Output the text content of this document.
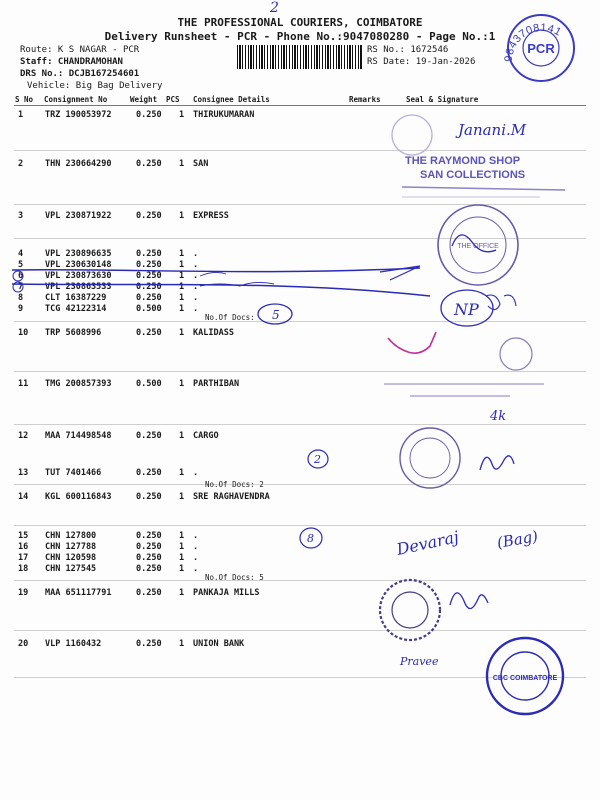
2
THE PROFESSIONAL COURIERS, COIMBATORE
Delivery Runsheet - PCR - Phone No.:9047080280 - Page No.:1
Route: K S NAGAR - PCR
Staff: CHANDRAMOHAN
DRS No.: DCJB167254601
Vehicle: Big Bag Delivery
RS No.: 1672546
RS Date: 19-Jan-2026
S No Consignment No	Weight PCS Consignee Details	Remarks	Seal & Signature
1	TRZ 190053972	0.250 1 THIRUKUMARAN
2	THN 230664290	0.250 1 SAN
3	VPL 230871922	0.250 1 EXPRESS
4	VPL 230896635	0.250 1 .
5	VPL 230630148	0.250 1 .
6	VPL 230873630	0.250 1 .
7	VPL 230863533	0.250 1 .
8	CLT 16387229	0.250 1 .
9	TCG 42122314	0.500 1 .
10 TRP 5608996	0.250 1 KALIDASS
11 TMG 200857393	0.500 1 PARTHIBAN
12 MAA 714498548	0.250 1 CARGO
13 TUT 7401466	0.250 1 .
14 KGL 600116843	0.250 1 SRE RAGHAVENDRA
15 CHN 127800	0.250 1 .
16 CHN 127788	0.250 1 .
17 CHN 120598	0.250 1 .
18 CHN 127545	0.250 1 .
19 MAA 651117791	0.250 1 PANKAJA MILLS
20 VLP 1160432	0.250 1 UNION BANK
No.Of Docs:
No.Of Docs: 2
No.Of Docs: 5
PCR
9843708141
Janani.M
THE RAYMOND SHOP
SAN COLLECTIONS
THE OFFICE
5	NP
4k
2
8	Devaraj (Bag)
Pravee
CBC COIMBATORE
